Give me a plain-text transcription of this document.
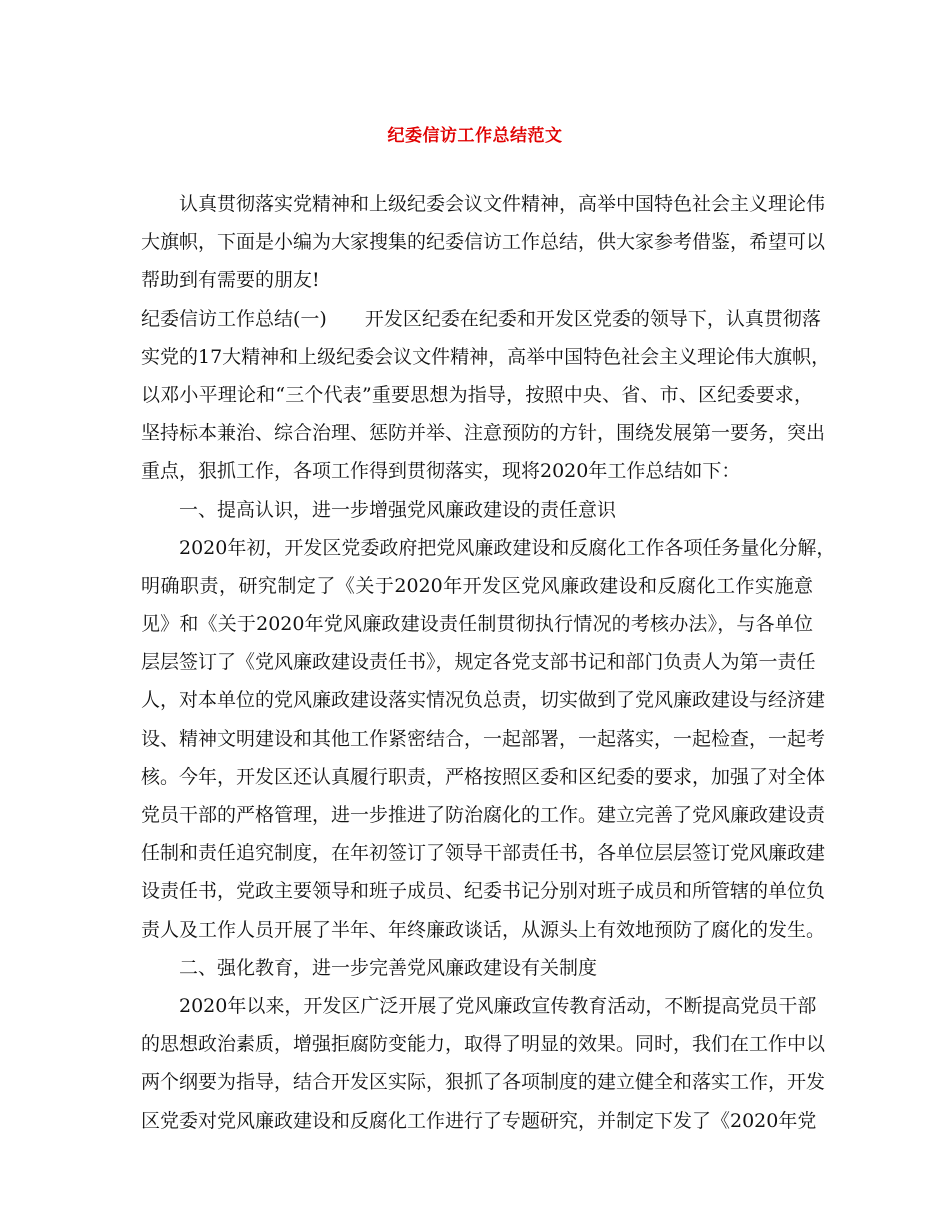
纪委信访工作总结范文
认真贯彻落实党精神和上级纪委会议文件精神，高举中国特色社会主义理论伟
大旗帜，下面是小编为大家搜集的纪委信访工作总结，供大家参考借鉴，希望可以
帮助到有需要的朋友!
纪委信访工作总结(一)　　开发区纪委在纪委和开发区党委的领导下，认真贯彻落
实党的17大精神和上级纪委会议文件精神，高举中国特色社会主义理论伟大旗帜，
以邓小平理论和“三个代表”重要思想为指导，按照中央、省、市、区纪委要求，
坚持标本兼治、综合治理、惩防并举、注意预防的方针，围绕发展第一要务，突出
重点，狠抓工作，各项工作得到贯彻落实，现将2020年工作总结如下：
一、提高认识，进一步增强党风廉政建设的责任意识
2020年初，开发区党委政府把党风廉政建设和反腐化工作各项任务量化分解，
明确职责，研究制定了《关于2020年开发区党风廉政建设和反腐化工作实施意
见》和《关于2020年党风廉政建设责任制贯彻执行情况的考核办法》，与各单位
层层签订了《党风廉政建设责任书》，规定各党支部书记和部门负责人为第一责任
人，对本单位的党风廉政建设落实情况负总责，切实做到了党风廉政建设与经济建
设、精神文明建设和其他工作紧密结合，一起部署，一起落实，一起检查，一起考
核。今年，开发区还认真履行职责，严格按照区委和区纪委的要求，加强了对全体
党员干部的严格管理，进一步推进了防治腐化的工作。建立完善了党风廉政建设责
任制和责任追究制度，在年初签订了领导干部责任书，各单位层层签订党风廉政建
设责任书，党政主要领导和班子成员、纪委书记分别对班子成员和所管辖的单位负
责人及工作人员开展了半年、年终廉政谈话，从源头上有效地预防了腐化的发生。
二、强化教育，进一步完善党风廉政建设有关制度
2020年以来，开发区广泛开展了党风廉政宣传教育活动，不断提高党员干部
的思想政治素质，增强拒腐防变能力，取得了明显的效果。同时，我们在工作中以
两个纲要为指导，结合开发区实际，狠抓了各项制度的建立健全和落实工作，开发
区党委对党风廉政建设和反腐化工作进行了专题研究，并制定下发了《2020年党
